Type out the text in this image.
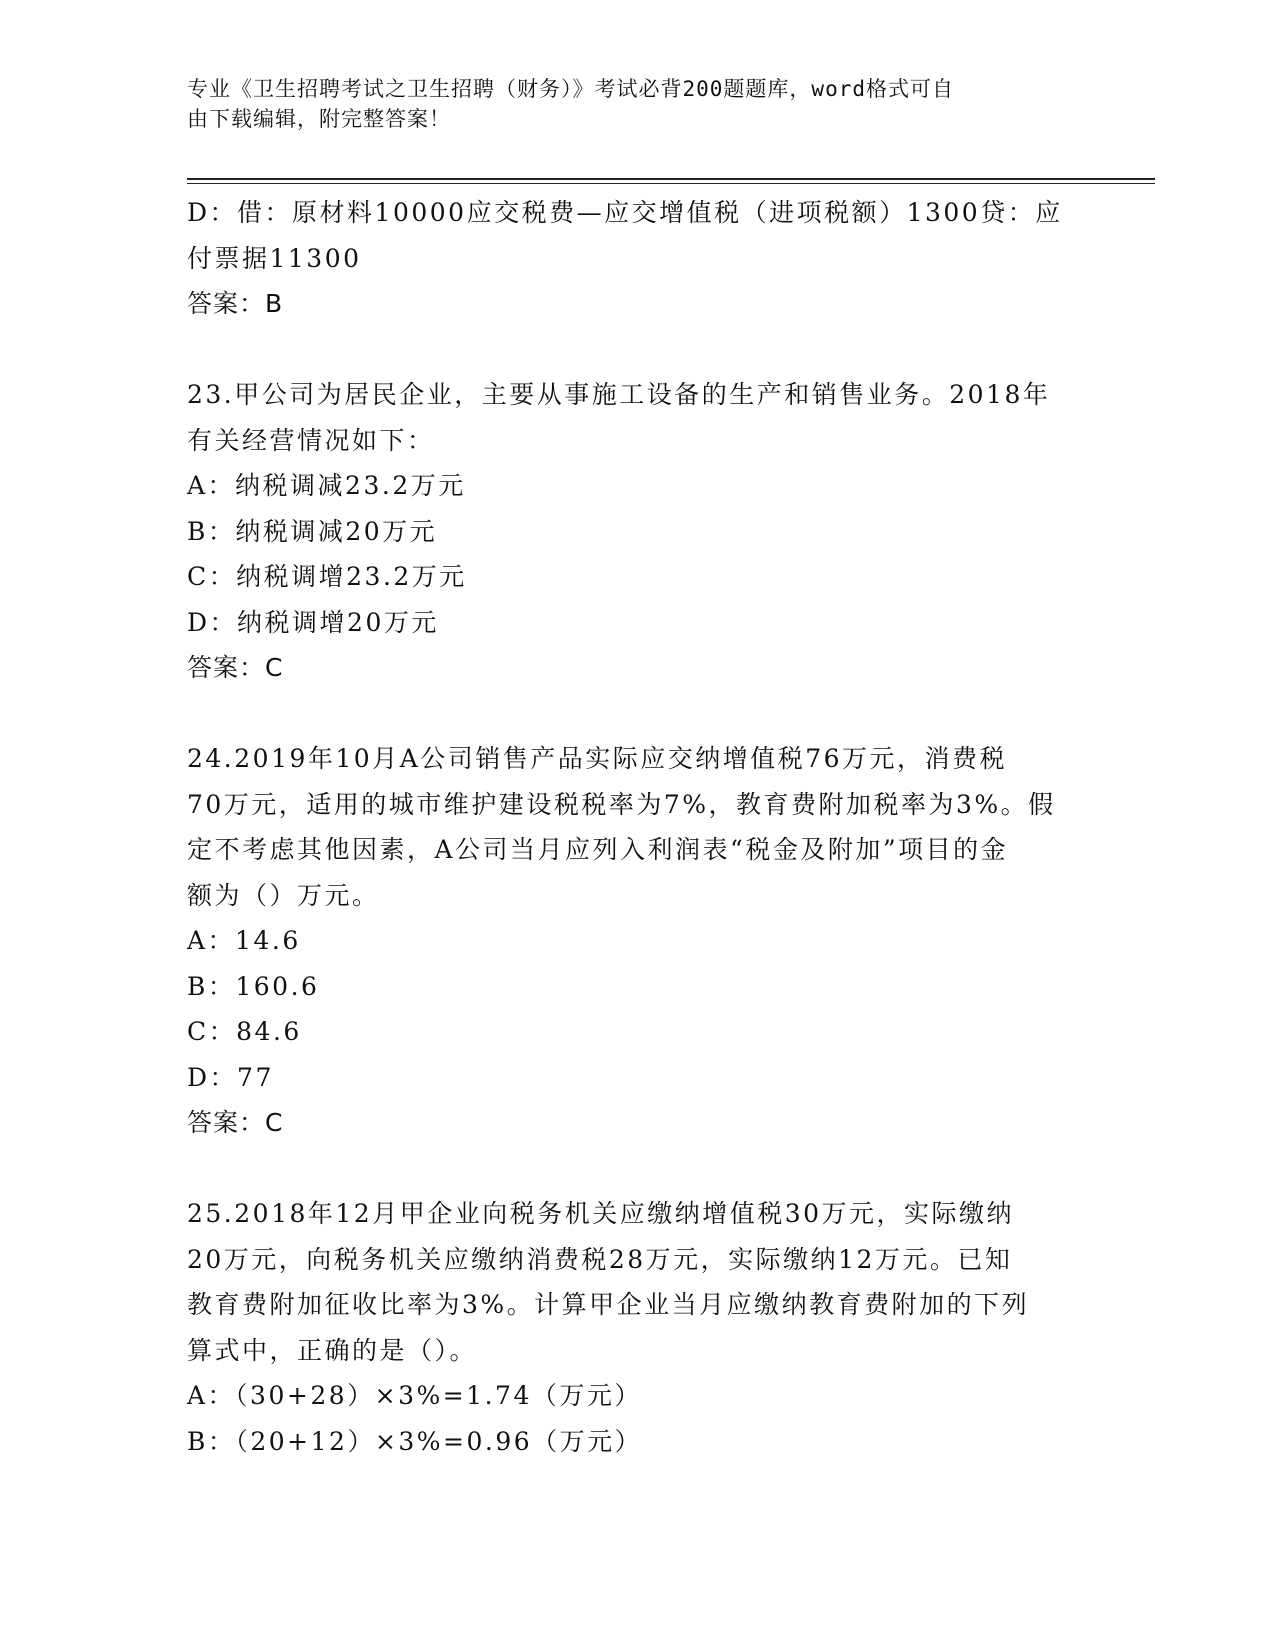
专业《卫生招聘考试之卫生招聘（财务）》考试必背200题题库，word格式可自
由下载编辑，附完整答案！
D：借：原材料10000应交税费—应交增值税（进项税额）1300贷：应
付票据11300
答案：B
23.甲公司为居民企业，主要从事施工设备的生产和销售业务。2018年
有关经营情况如下：
A：纳税调减23.2万元
B：纳税调减20万元
C：纳税调增23.2万元
D：纳税调增20万元
答案：C
24.2019年10月A公司销售产品实际应交纳增值税76万元，消费税
70万元，适用的城市维护建设税税率为7%，教育费附加税率为3%。假
定不考虑其他因素，A公司当月应列入利润表“税金及附加”项目的金
额为（）万元。
A：14.6
B：160.6
C：84.6
D：77
答案：C
25.2018年12月甲企业向税务机关应缴纳增值税30万元，实际缴纳
20万元，向税务机关应缴纳消费税28万元，实际缴纳12万元。已知
教育费附加征收比率为3%。计算甲企业当月应缴纳教育费附加的下列
算式中，正确的是（）。
A：（30+28）×3%=1.74（万元）
B：（20+12）×3%=0.96（万元）
